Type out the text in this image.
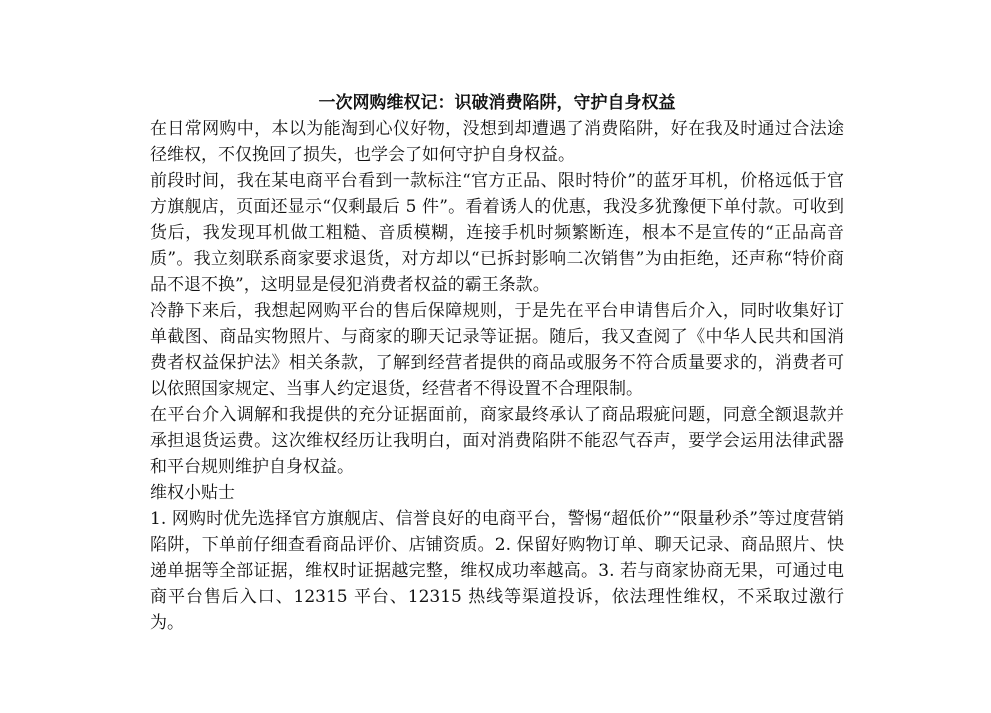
一次网购维权记：识破消费陷阱，守护自身权益

在日常网购中，本以为能淘到心仪好物，没想到却遭遇了消费陷阱，好在我及时通过合法途径维权，不仅挽回了损失，也学会了如何守护自身权益。

前段时间，我在某电商平台看到一款标注“官方正品、限时特价”的蓝牙耳机，价格远低于官方旗舰店，页面还显示“仅剩最后 5 件”。看着诱人的优惠，我没多犹豫便下单付款。可收到货后，我发现耳机做工粗糙、音质模糊，连接手机时频繁断连，根本不是宣传的“正品高音质”。我立刻联系商家要求退货，对方却以“已拆封影响二次销售”为由拒绝，还声称“特价商品不退不换”，这明显是侵犯消费者权益的霸王条款。

冷静下来后，我想起网购平台的售后保障规则，于是先在平台申请售后介入，同时收集好订单截图、商品实物照片、与商家的聊天记录等证据。随后，我又查阅了《中华人民共和国消费者权益保护法》相关条款，了解到经营者提供的商品或服务不符合质量要求的，消费者可以依照国家规定、当事人约定退货，经营者不得设置不合理限制。

在平台介入调解和我提供的充分证据面前，商家最终承认了商品瑕疵问题，同意全额退款并承担退货运费。这次维权经历让我明白，面对消费陷阱不能忍气吞声，要学会运用法律武器和平台规则维护自身权益。

维权小贴士

1. 网购时优先选择官方旗舰店、信誉良好的电商平台，警惕“超低价”“限量秒杀”等过度营销陷阱，下单前仔细查看商品评价、店铺资质。2. 保留好购物订单、聊天记录、商品照片、快递单据等全部证据，维权时证据越完整，维权成功率越高。3. 若与商家协商无果，可通过电商平台售后入口、12315 平台、12315 热线等渠道投诉，依法理性维权，不采取过激行为。
